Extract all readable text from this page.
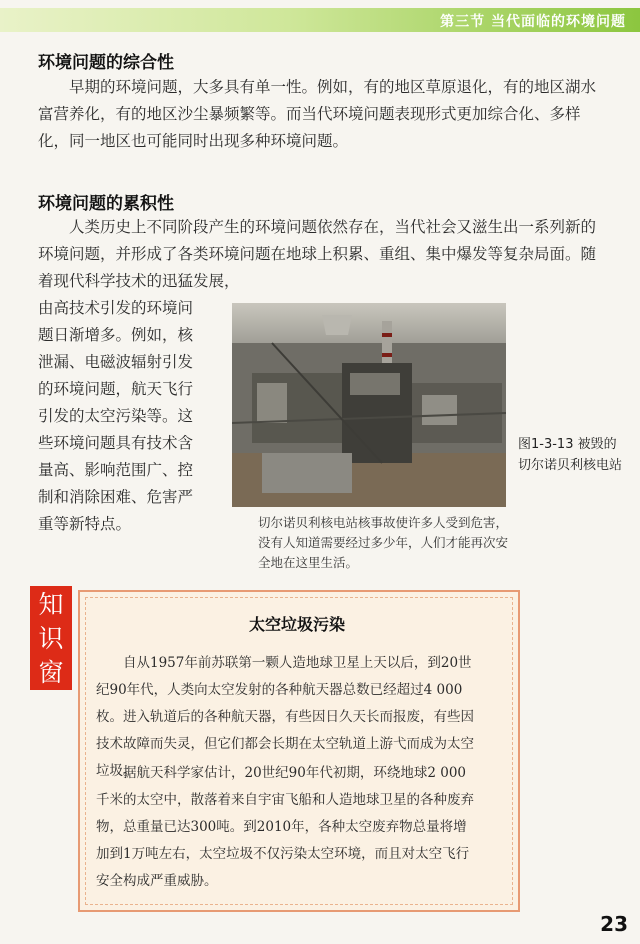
第三节 当代面临的环境问题
环境问题的综合性

早期的环境问题，大多具有单一性。例如，有的地区草原退化，有的地区湖水富营养化，有的地区沙尘暴频繁等。而当代环境问题表现形式更加综合化、多样化，同一地区也可能同时出现多种环境问题。

环境问题的累积性

人类历史上不同阶段产生的环境问题依然存在，当代社会又滋生出一系列新的环境问题，并形成了各类环境问题在地球上积累、重组、集中爆发等复杂局面。随着现代科学技术的迅猛发展，

由高技术引发的环境问
题日渐增多。例如，核
泄漏、电磁波辐射引发
的环境问题，航天飞行
引发的太空污染等。这
些环境问题具有技术含
量高、影响范围广、控
制和消除困难、危害严
重等新特点。
图1-3-13 被毁的切尔诺贝利核电站
切尔诺贝利核电站核事故使许多人受到危害，没有人知道需要经过多少年，人们才能再次安全地在这里生活。
知识窗
太空垃圾污染

自从1957年前苏联第一颗人造地球卫星上天以后，到20世纪90年代，人类向太空发射的各种航天器总数已经超过4 000枚。进入轨道后的各种航天器，有些因日久天长而报废，有些因技术故障而失灵，但它们都会长期在太空轨道上游弋而成为太空垃圾。

据航天科学家估计，20世纪90年代初期，环绕地球2 000千米的太空中，散落着来自宇宙飞船和人造地球卫星的各种废弃物，总重量已达300吨。到2010年，各种太空废弃物总量将增加到1万吨左右，太空垃圾不仅污染太空环境，而且对太空飞行安全构成严重威胁。

23
